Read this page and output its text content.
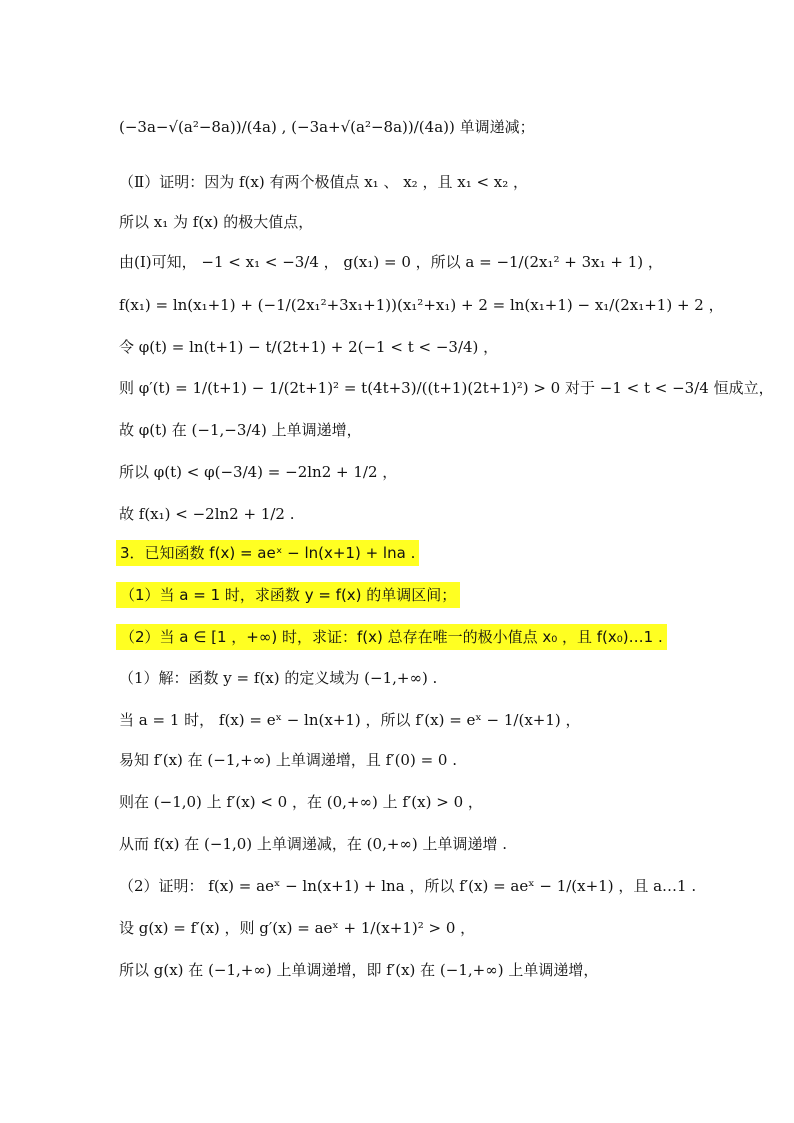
(−3a−√(a²−8a))/(4a) , (−3a+√(a²−8a))/(4a)) 单调递减；
（Ⅱ）证明：因为 f(x) 有两个极值点 x₁ 、 x₂ ，且 x₁ < x₂ ，
所以 x₁ 为 f(x) 的极大值点，
由(I)可知， −1 < x₁ < −3/4 ， g(x₁) = 0 ，所以 a = −1/(2x₁² + 3x₁ + 1) ，
f(x₁) = ln(x₁+1) + (−1/(2x₁²+3x₁+1))(x₁²+x₁) + 2 = ln(x₁+1) − x₁/(2x₁+1) + 2 ，
令 φ(t) = ln(t+1) − t/(2t+1) + 2(−1 < t < −3/4) ，
则 φ′(t) = 1/(t+1) − 1/(2t+1)² = t(4t+3)/((t+1)(2t+1)²) > 0 对于 −1 < t < −3/4 恒成立，
故 φ(t) 在 (−1,−3/4) 上单调递增，
所以 φ(t) < φ(−3/4) = −2ln2 + 1/2 ，
故 f(x₁) < −2ln2 + 1/2 .
3．已知函数 f(x) = aeˣ − ln(x+1) + lna .
（1）当 a = 1 时，求函数 y = f(x) 的单调区间；
（2）当 a ∈ [1 ，+∞) 时，求证：f(x) 总存在唯一的极小值点 x₀ ，且 f(x₀)…1 .
（1）解：函数 y = f(x) 的定义域为 (−1,+∞) .
当 a = 1 时， f(x) = eˣ − ln(x+1) ，所以 f′(x) = eˣ − 1/(x+1) ，
易知 f′(x) 在 (−1,+∞) 上单调递增，且 f′(0) = 0 .
则在 (−1,0) 上 f′(x) < 0 ，在 (0,+∞) 上 f′(x) > 0 ，
从而 f(x) 在 (−1,0) 上单调递减，在 (0,+∞) 上单调递增 .
（2）证明： f(x) = aeˣ − ln(x+1) + lna ，所以 f′(x) = aeˣ − 1/(x+1) ，且 a…1 .
设 g(x) = f′(x) ，则 g′(x) = aeˣ + 1/(x+1)² > 0 ，
所以 g(x) 在 (−1,+∞) 上单调递增，即 f′(x) 在 (−1,+∞) 上单调递增，
